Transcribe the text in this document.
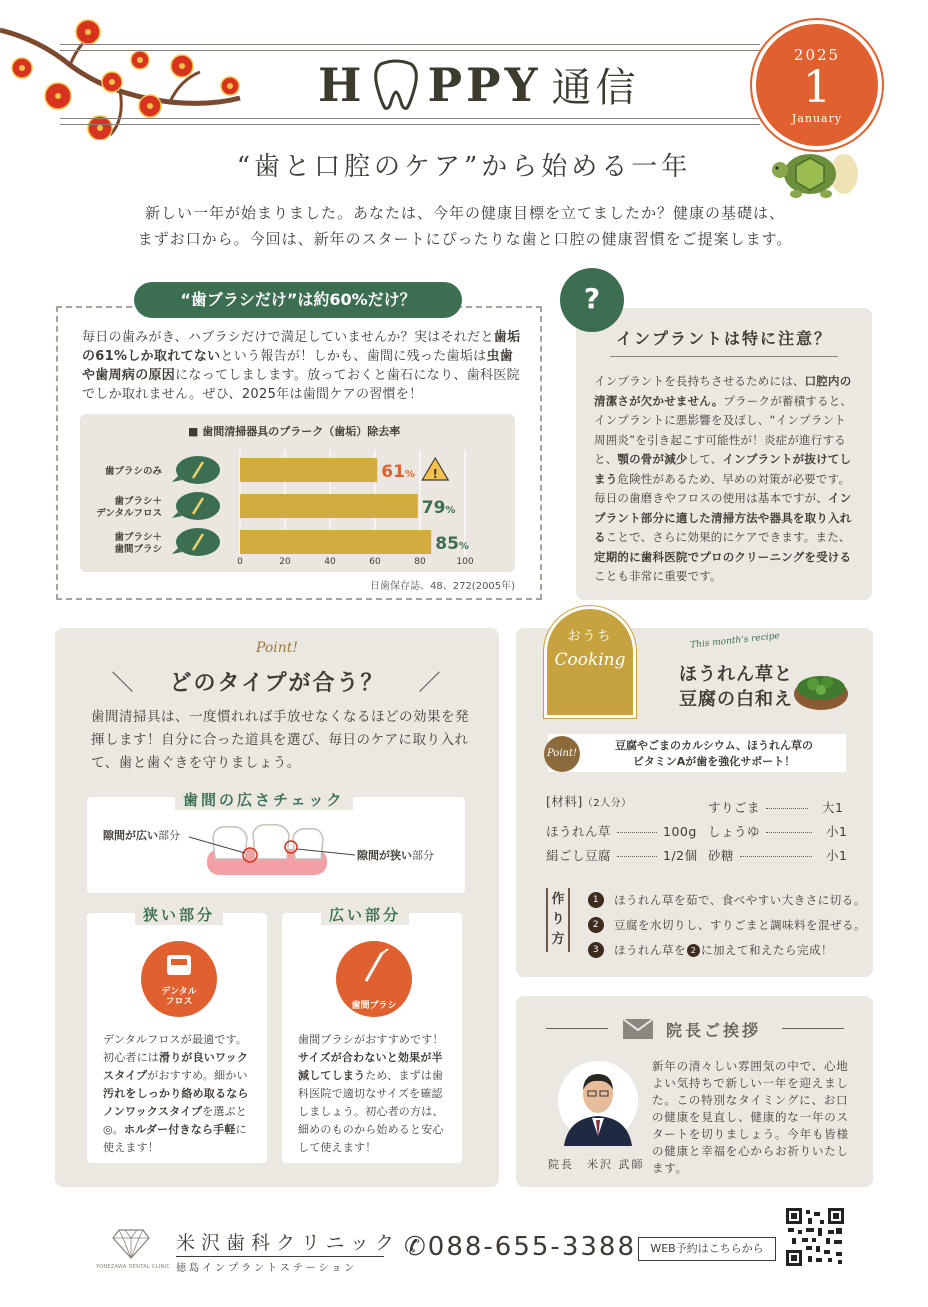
H PPY 通信
2025
1
January
“歯と口腔のケア”から始める一年
新しい一年が始まりました。あなたは、今年の健康目標を立てましたか？健康の基礎は、
まずお口から。今回は、新年のスタートにぴったりな歯と口腔の健康習慣をご提案します。
“歯ブラシだけ”は約60%だけ？
毎日の歯みがき、ハブラシだけで満足していませんか？実はそれだと歯垢の61%しか取れてないという報告が！しかも、歯間に残った歯垢は虫歯や歯周病の原因になってしまします。放っておくと歯石になり、歯科医院でしか取れません。ぜひ、2025年は歯間ケアの習慣を！
■ 歯間清掃器具のプラーク（歯垢）除去率
0	20	40	60	80	100
歯ブラシのみ	61%
歯ブラシ＋
デンタルフロス	79%
歯ブラシ＋
歯間ブラシ	85%
!
日歯保存誌、48、272(2005年)
?
インプラントは特に注意？
インプラントを長持ちさせるためには、口腔内の清潔さが欠かせません。プラークが蓄積すると、インプラントに悪影響を及ぼし、“インプラント周囲炎”を引き起こす可能性が！炎症が進行すると、顎の骨が減少して、インプラントが抜けてしまう危険性があるため、早めの対策が必要です。毎日の歯磨きやフロスの使用は基本ですが、インプラント部分に適した清掃方法や器具を取り入れることで、さらに効果的にケアできます。また、定期的に歯科医院でプロのクリーニングを受けることも非常に重要です。
Point!
＼ どのタイプが合う？ ／
歯間清掃具は、一度慣れれば手放せなくなるほどの効果を発揮します！自分に合った道具を選び、毎日のケアに取り入れて、歯と歯ぐきを守りましょう。
隙間が広い部分
隙間が狭い部分
歯間の広さチェック
デンタル
フロス
デンタルフロスが最適です。初心者には滑りが良いワックスタイプがおすすめ。細かい汚れをしっかり絡め取るならノンワックスタイプを選ぶと◎。ホルダー付きなら手軽に使えます！
狭い部分
歯間ブラシ
歯間ブラシがおすすめです！サイズが合わないと効果が半減してしまうため、まずは歯科医院で適切なサイズを確認しましょう。初心者の方は、細めのものから始めると安心して使えます！
広い部分
おうち
Cooking
This month's recipe
ほうれん草と
豆腐の白和え
Point!
豆腐やごまのカルシウム、ほうれん草の
ビタミンAが歯を強化サポート！
[材料]（2人分）
ほうれん草	100g
絹ごし豆腐	1/2個
すりごま	大1
しょうゆ	小1
砂糖	小1
作り方
1	ほうれん草を茹で、食べやすい大きさに切る。
2	豆腐を水切りし、すりごまと調味料を混ぜる。
3	ほうれん草を 2 に加えて和えたら完成！
院長ご挨拶
院長　米沢 武師
新年の清々しい雰囲気の中で、心地よい気持ちで新しい一年を迎えました。この特別なタイミングに、お口の健康を見直し、健康的な一年のスタートを切りましょう。今年も皆様の健康と幸福を心からお祈りいたします。
YONEZAWA DENTAL CLINIC
米沢歯科クリニック
徳島インプラントステーション
✆088-655-3388	WEB予約はこちらから
